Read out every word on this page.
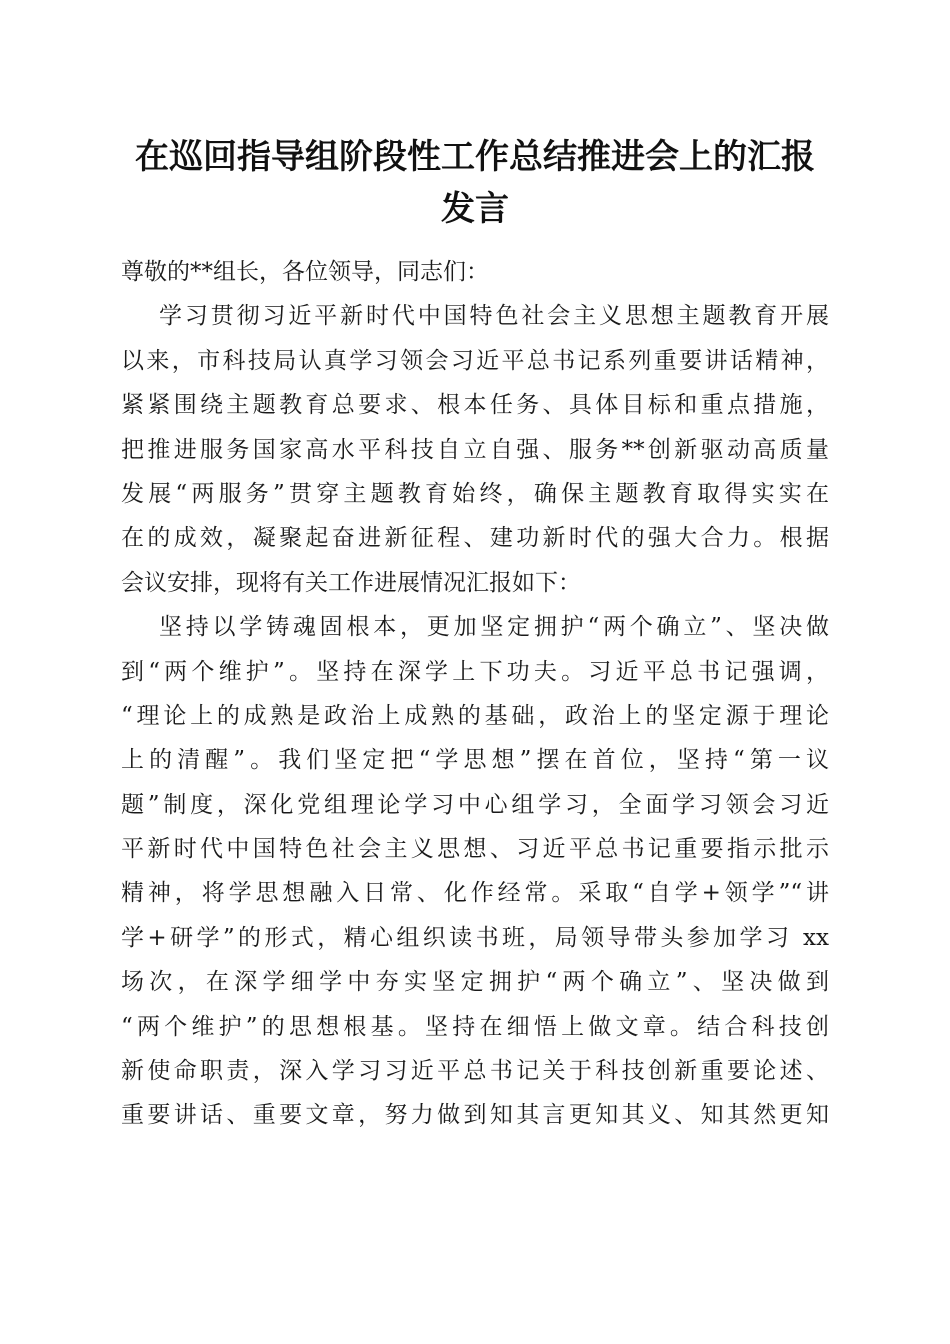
在巡回指导组阶段性工作总结推进会上的汇报
发言
尊敬的**组长，各位领导，同志们：
学习贯彻习近平新时代中国特色社会主义思想主题教育开展
以来，市科技局认真学习领会习近平总书记系列重要讲话精神，
紧紧围绕主题教育总要求、根本任务、具体目标和重点措施，
把推进服务国家高水平科技自立自强、服务**创新驱动高质量
发展“两服务”贯穿主题教育始终，确保主题教育取得实实在
在的成效，凝聚起奋进新征程、建功新时代的强大合力。根据
会议安排，现将有关工作进展情况汇报如下：
坚持以学铸魂固根本，更加坚定拥护“两个确立”、坚决做
到“两个维护”。坚持在深学上下功夫。习近平总书记强调，
“理论上的成熟是政治上成熟的基础，政治上的坚定源于理论
上的清醒”。我们坚定把“学思想”摆在首位，坚持“第一议
题”制度，深化党组理论学习中心组学习，全面学习领会习近
平新时代中国特色社会主义思想、习近平总书记重要指示批示
精神，将学思想融入日常、化作经常。采取“自学+领学”“讲
学+研学”的形式，精心组织读书班，局领导带头参加学习 xx
场次，在深学细学中夯实坚定拥护“两个确立”、坚决做到
“两个维护”的思想根基。坚持在细悟上做文章。结合科技创
新使命职责，深入学习习近平总书记关于科技创新重要论述、
重要讲话、重要文章，努力做到知其言更知其义、知其然更知
